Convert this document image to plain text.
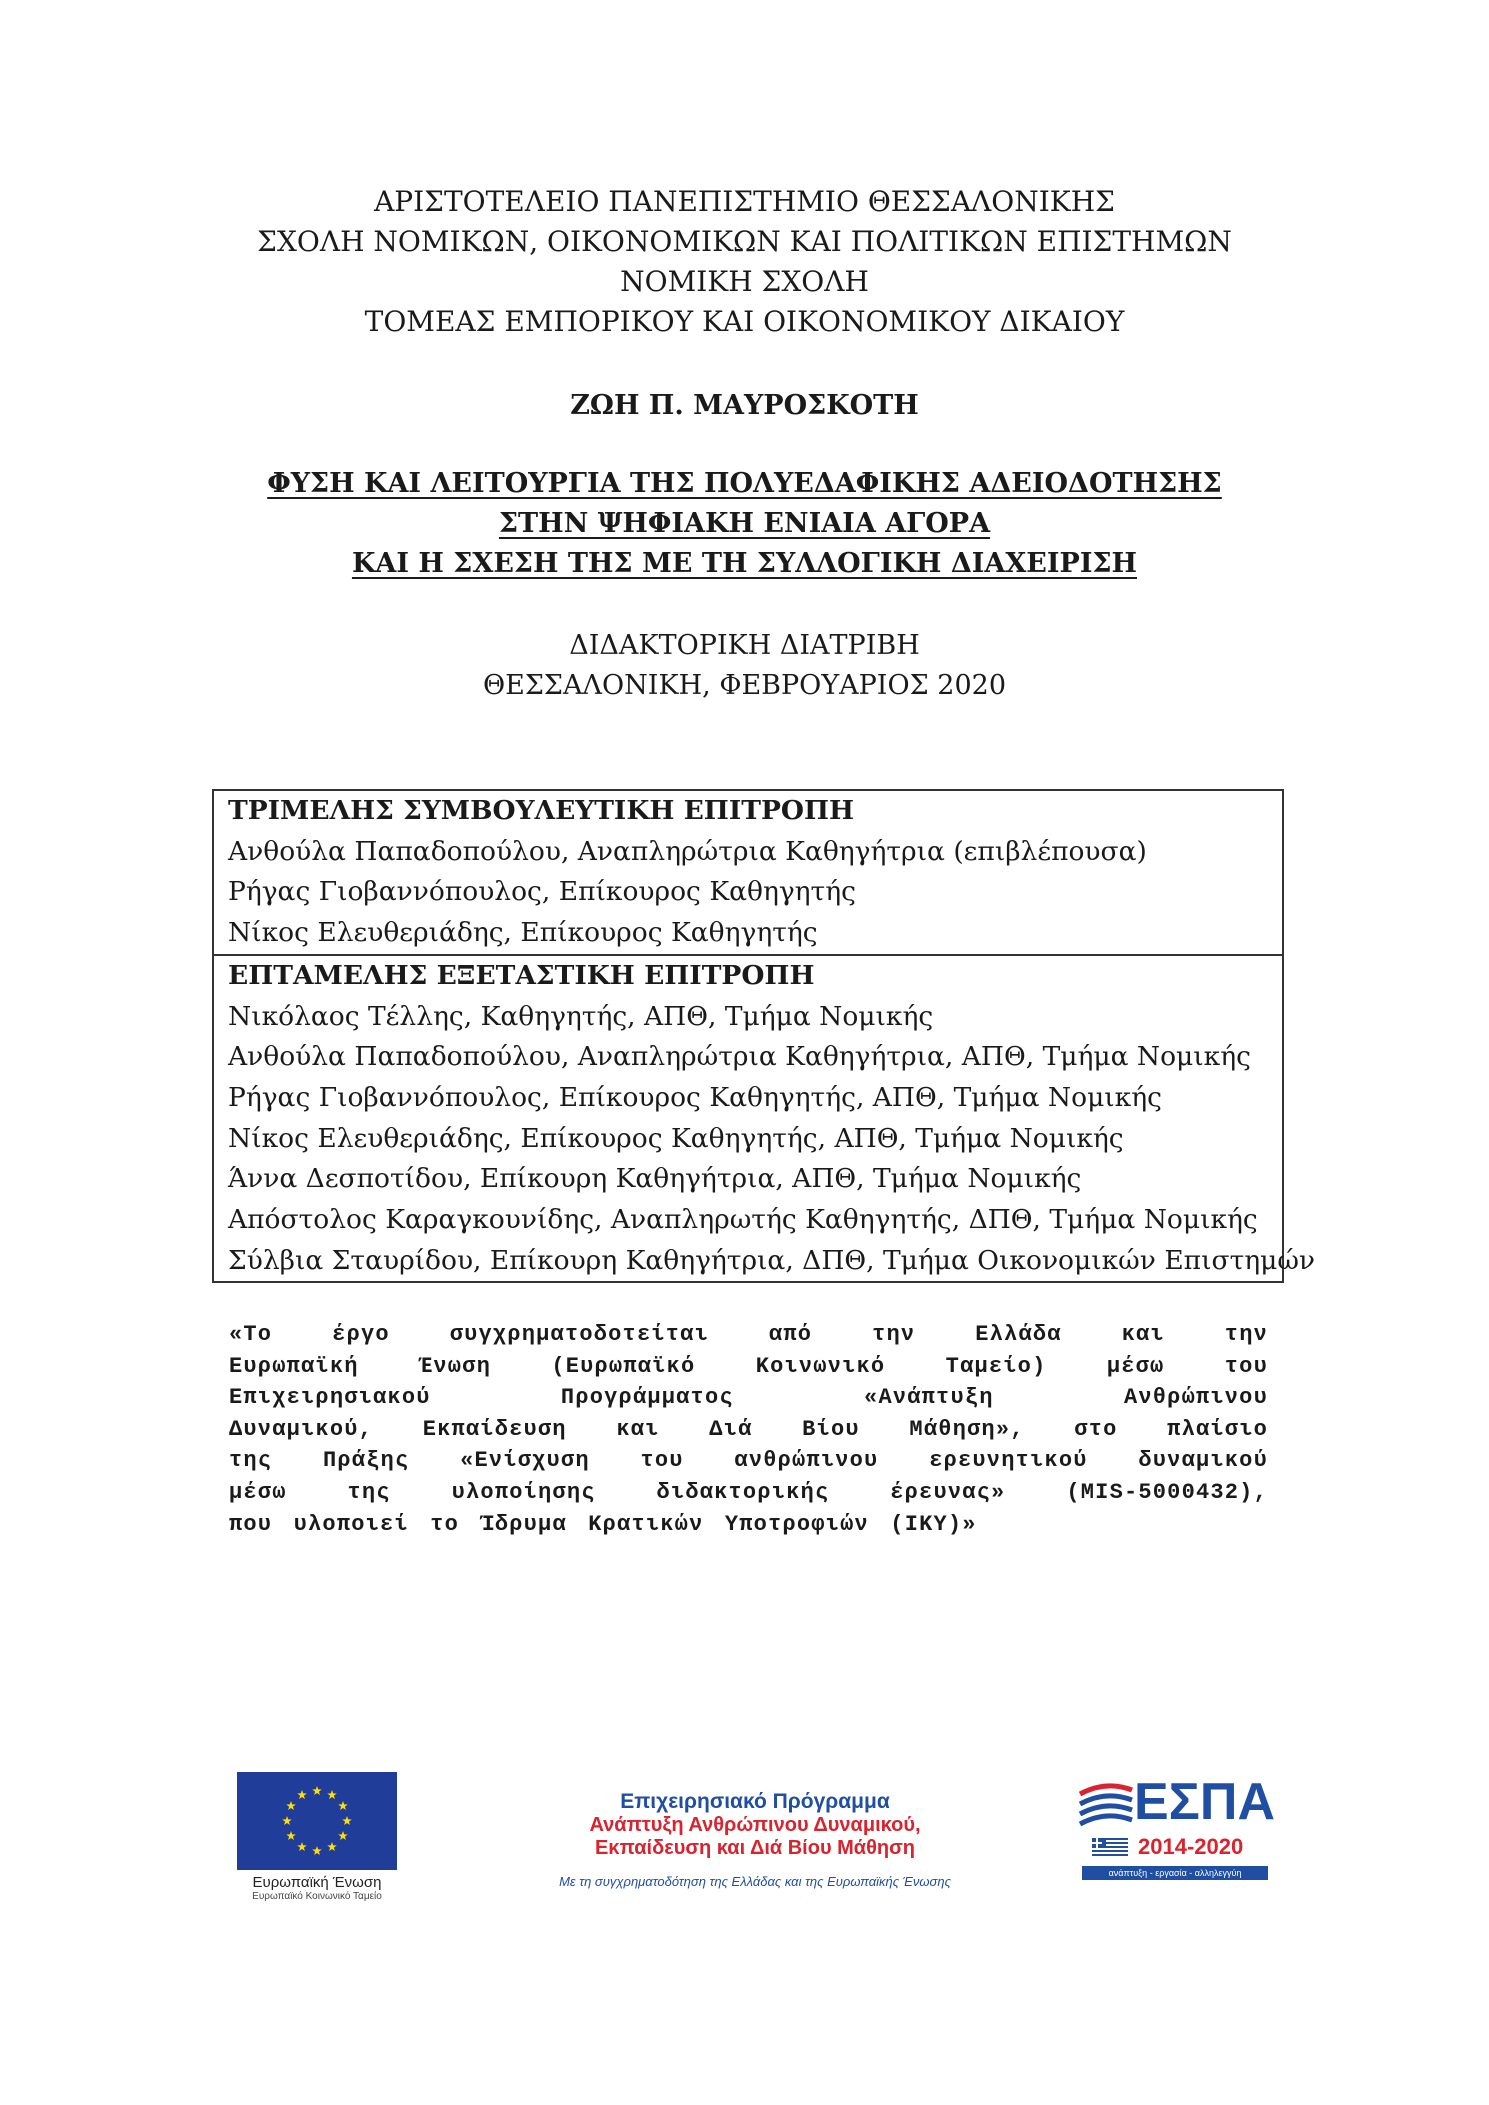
ΑΡΙΣΤΟΤΕΛΕΙΟ ΠΑΝΕΠΙΣΤΗΜΙΟ ΘΕΣΣΑΛΟΝΙΚΗΣ
ΣΧΟΛΗ ΝΟΜΙΚΩΝ, ΟΙΚΟΝΟΜΙΚΩΝ ΚΑΙ ΠΟΛΙΤΙΚΩΝ ΕΠΙΣΤΗΜΩΝ
ΝΟΜΙΚΗ ΣΧΟΛΗ
ΤΟΜΕΑΣ ΕΜΠΟΡΙΚΟΥ ΚΑΙ ΟΙΚΟΝΟΜΙΚΟΥ ΔΙΚΑΙΟΥ
ΖΩΗ Π. ΜΑΥΡΟΣΚΟΤΗ
ΦΥΣΗ ΚΑΙ ΛΕΙΤΟΥΡΓΙΑ ΤΗΣ ΠΟΛΥΕΔΑΦΙΚΗΣ ΑΔΕΙΟΔΟΤΗΣΗΣ
ΣΤΗΝ ΨΗΦΙΑΚΗ ΕΝΙΑΙΑ ΑΓΟΡΑ
ΚΑΙ Η ΣΧΕΣΗ ΤΗΣ ΜΕ ΤΗ ΣΥΛΛΟΓΙΚΗ ΔΙΑΧΕΙΡΙΣΗ
ΔΙΔΑΚΤΟΡΙΚΗ ΔΙΑΤΡΙΒΗ
ΘΕΣΣΑΛΟΝΙΚΗ, ΦΕΒΡΟΥΑΡΙΟΣ 2020
ΤΡΙΜΕΛΗΣ ΣΥΜΒΟΥΛΕΥΤΙΚΗ ΕΠΙΤΡΟΠΗ
Ανθούλα Παπαδοπούλου, Αναπληρώτρια Καθηγήτρια (επιβλέπουσα)
Ρήγας Γιοβαννόπουλος, Επίκουρος Καθηγητής
Νίκος Ελευθεριάδης, Επίκουρος Καθηγητής
ΕΠΤΑΜΕΛΗΣ ΕΞΕΤΑΣΤΙΚΗ ΕΠΙΤΡΟΠΗ
Νικόλαος Τέλλης, Καθηγητής, ΑΠΘ, Τμήμα Νομικής
Ανθούλα Παπαδοπούλου, Αναπληρώτρια Καθηγήτρια, ΑΠΘ, Τμήμα Νομικής
Ρήγας Γιοβαννόπουλος, Επίκουρος Καθηγητής, ΑΠΘ, Τμήμα Νομικής
Νίκος Ελευθεριάδης, Επίκουρος Καθηγητής, ΑΠΘ, Τμήμα Νομικής
Άννα Δεσποτίδου, Επίκουρη Καθηγήτρια, ΑΠΘ, Τμήμα Νομικής
Απόστολος Καραγκουνίδης, Αναπληρωτής Καθηγητής, ΔΠΘ, Τμήμα Νομικής
Σύλβια Σταυρίδου, Επίκουρη Καθηγήτρια, ΔΠΘ, Τμήμα Οικονομικών Επιστημών
«Το έργο συγχρηματοδοτείται από την Ελλάδα και την
Ευρωπαϊκή Ένωση (Ευρωπαϊκό Κοινωνικό Ταμείο) μέσω του
Επιχειρησιακού Προγράμματος «Ανάπτυξη Ανθρώπινου
Δυναμικού, Εκπαίδευση και Διά Βίου Μάθηση», στο πλαίσιο
της Πράξης «Ενίσχυση του ανθρώπινου ερευνητικού δυναμικού
μέσω της υλοποίησης διδακτορικής έρευνας» (MIS-5000432),
που υλοποιεί το Ίδρυμα Κρατικών Υποτροφιών (ΙΚΥ)»
Ευρωπαϊκή Ένωση
Ευρωπαϊκό Κοινωνικό Ταμείο
Επιχειρησιακό Πρόγραμμα
Ανάπτυξη Ανθρώπινου Δυναμικού,
Εκπαίδευση και Διά Βίου Μάθηση
Με τη συγχρηματοδότηση της Ελλάδας και της Ευρωπαϊκής Ένωσης
ΕΣΠΑ
2014-2020
ανάπτυξη - εργασία - αλληλεγγύη
